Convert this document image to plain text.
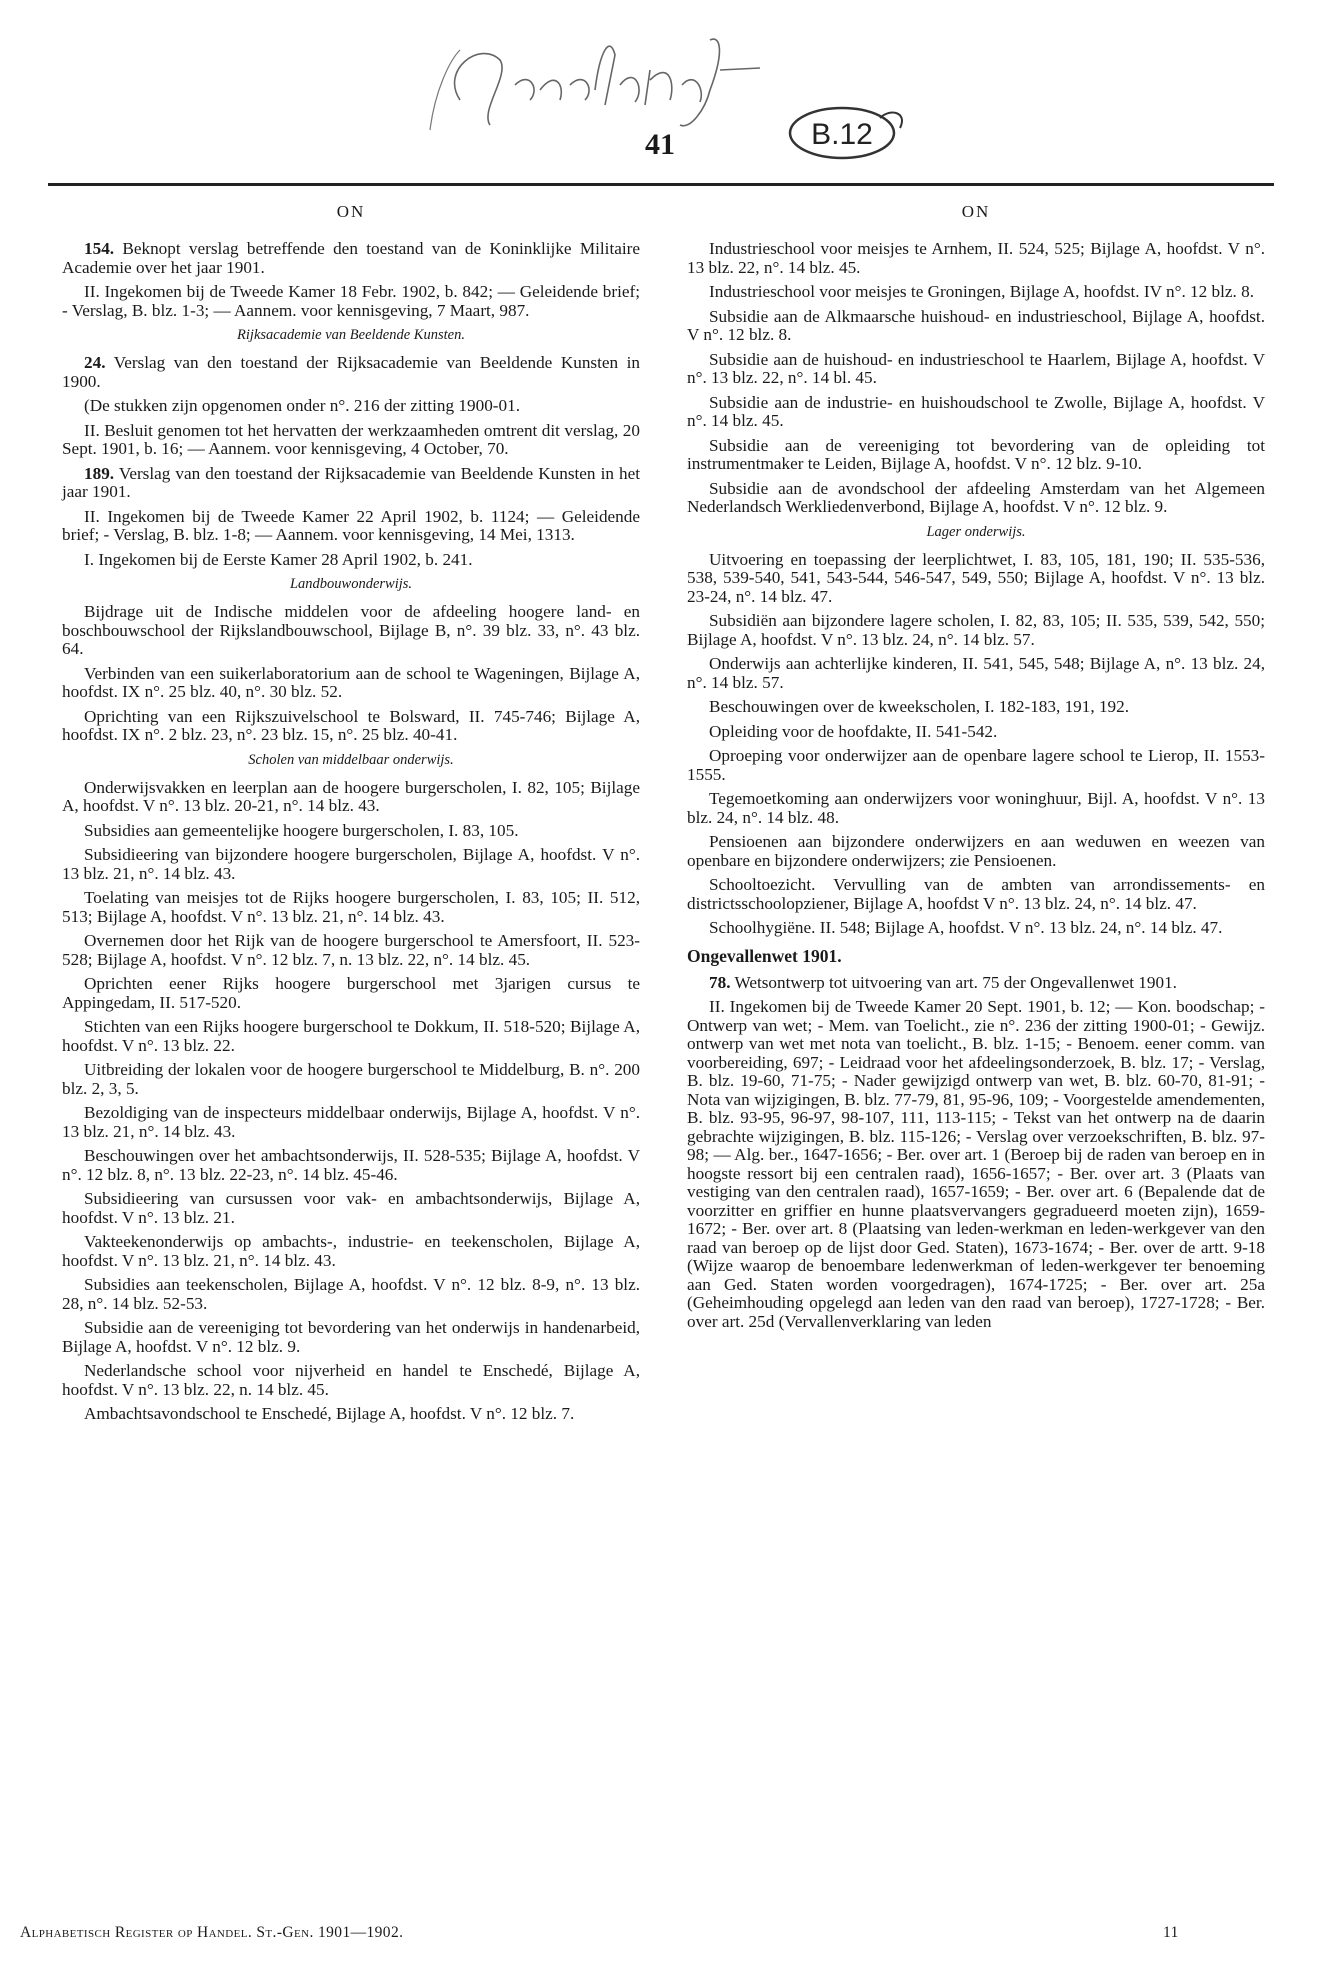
41	B.12
ON	ON
154. Beknopt verslag betreffende den toestand van de Koninklijke Militaire Academie over het jaar 1901.
II. Ingekomen bij de Tweede Kamer 18 Febr. 1902, b. 842; — Geleidende brief; - Verslag, B. blz. 1-3; — Aannem. voor kennisgeving, 7 Maart, 987.
Rijksacademie van Beeldende Kunsten.
24. Verslag van den toestand der Rijksacademie van Beeldende Kunsten in 1900.
(De stukken zijn opgenomen onder n°. 216 der zitting 1900-01.
II. Besluit genomen tot het hervatten der werkzaamheden omtrent dit verslag, 20 Sept. 1901, b. 16; — Aannem. voor kennisgeving, 4 October, 70.
189. Verslag van den toestand der Rijksacademie van Beeldende Kunsten in het jaar 1901.
II. Ingekomen bij de Tweede Kamer 22 April 1902, b. 1124; — Geleidende brief; - Verslag, B. blz. 1-8; — Aannem. voor kennisgeving, 14 Mei, 1313.
I. Ingekomen bij de Eerste Kamer 28 April 1902, b. 241.
Landbouwonderwijs.
Bijdrage uit de Indische middelen voor de afdeeling hoogere land- en boschbouwschool der Rijkslandbouwschool, Bijlage B, n°. 39 blz. 33, n°. 43 blz. 64.
Verbinden van een suikerlaboratorium aan de school te Wageningen, Bijlage A, hoofdst. IX n°. 25 blz. 40, n°. 30 blz. 52.
Oprichting van een Rijkszuivelschool te Bolsward, II. 745-746; Bijlage A, hoofdst. IX n°. 2 blz. 23, n°. 23 blz. 15, n°. 25 blz. 40-41.
Scholen van middelbaar onderwijs.
Onderwijsvakken en leerplan aan de hoogere burgerscholen, I. 82, 105; Bijlage A, hoofdst. V n°. 13 blz. 20-21, n°. 14 blz. 43.
Subsidies aan gemeentelijke hoogere burgerscholen, I. 83, 105.
Subsidieering van bijzondere hoogere burgerscholen, Bijlage A, hoofdst. V n°. 13 blz. 21, n°. 14 blz. 43.
Toelating van meisjes tot de Rijks hoogere burgerscholen, I. 83, 105; II. 512, 513; Bijlage A, hoofdst. V n°. 13 blz. 21, n°. 14 blz. 43.
Overnemen door het Rijk van de hoogere burgerschool te Amersfoort, II. 523-528; Bijlage A, hoofdst. V n°. 12 blz. 7, n. 13 blz. 22, n°. 14 blz. 45.
Oprichten eener Rijks hoogere burgerschool met 3jarigen cursus te Appingedam, II. 517-520.
Stichten van een Rijks hoogere burgerschool te Dokkum, II. 518-520; Bijlage A, hoofdst. V n°. 13 blz. 22.
Uitbreiding der lokalen voor de hoogere burgerschool te Middelburg, B. n°. 200 blz. 2, 3, 5.
Bezoldiging van de inspecteurs middelbaar onderwijs, Bijlage A, hoofdst. V n°. 13 blz. 21, n°. 14 blz. 43.
Beschouwingen over het ambachtsonderwijs, II. 528-535; Bijlage A, hoofdst. V n°. 12 blz. 8, n°. 13 blz. 22-23, n°. 14 blz. 45-46.
Subsidieering van cursussen voor vak- en ambachtsonderwijs, Bijlage A, hoofdst. V n°. 13 blz. 21.
Vakteekenonderwijs op ambachts-, industrie- en teekenscholen, Bijlage A, hoofdst. V n°. 13 blz. 21, n°. 14 blz. 43.
Subsidies aan teekenscholen, Bijlage A, hoofdst. V n°. 12 blz. 8-9, n°. 13 blz. 28, n°. 14 blz. 52-53.
Subsidie aan de vereeniging tot bevordering van het onderwijs in handenarbeid, Bijlage A, hoofdst. V n°. 12 blz. 9.
Nederlandsche school voor nijverheid en handel te Enschedé, Bijlage A, hoofdst. V n°. 13 blz. 22, n. 14 blz. 45.
Ambachtsavondschool te Enschedé, Bijlage A, hoofdst. V n°. 12 blz. 7.
Industrieschool voor meisjes te Arnhem, II. 524, 525; Bijlage A, hoofdst. V n°. 13 blz. 22, n°. 14 blz. 45.
Industrieschool voor meisjes te Groningen, Bijlage A, hoofdst. IV n°. 12 blz. 8.
Subsidie aan de Alkmaarsche huishoud- en industrieschool, Bijlage A, hoofdst. V n°. 12 blz. 8.
Subsidie aan de huishoud- en industrieschool te Haarlem, Bijlage A, hoofdst. V n°. 13 blz. 22, n°. 14 bl. 45.
Subsidie aan de industrie- en huishoudschool te Zwolle, Bijlage A, hoofdst. V n°. 14 blz. 45.
Subsidie aan de vereeniging tot bevordering van de opleiding tot instrumentmaker te Leiden, Bijlage A, hoofdst. V n°. 12 blz. 9-10.
Subsidie aan de avondschool der afdeeling Amsterdam van het Algemeen Nederlandsch Werkliedenverbond, Bijlage A, hoofdst. V n°. 12 blz. 9.
Lager onderwijs.
Uitvoering en toepassing der leerplichtwet, I. 83, 105, 181, 190; II. 535-536, 538, 539-540, 541, 543-544, 546-547, 549, 550; Bijlage A, hoofdst. V n°. 13 blz. 23-24, n°. 14 blz. 47.
Subsidiën aan bijzondere lagere scholen, I. 82, 83, 105; II. 535, 539, 542, 550; Bijlage A, hoofdst. V n°. 13 blz. 24, n°. 14 blz. 57.
Onderwijs aan achterlijke kinderen, II. 541, 545, 548; Bijlage A, n°. 13 blz. 24, n°. 14 blz. 57.
Beschouwingen over de kweekscholen, I. 182-183, 191, 192.
Opleiding voor de hoofdakte, II. 541-542.
Oproeping voor onderwijzer aan de openbare lagere school te Lierop, II. 1553-1555.
Tegemoetkoming aan onderwijzers voor woninghuur, Bijl. A, hoofdst. V n°. 13 blz. 24, n°. 14 blz. 48.
Pensioenen aan bijzondere onderwijzers en aan weduwen en weezen van openbare en bijzondere onderwijzers; zie Pensioenen.
Schooltoezicht. Vervulling van de ambten van arrondissements- en districtsschoolopziener, Bijlage A, hoofdst V n°. 13 blz. 24, n°. 14 blz. 47.
Schoolhygiëne. II. 548; Bijlage A, hoofdst. V n°. 13 blz. 24, n°. 14 blz. 47.
Ongevallenwet 1901.
78. Wetsontwerp tot uitvoering van art. 75 der Ongevallenwet 1901.
II. Ingekomen bij de Tweede Kamer 20 Sept. 1901, b. 12; — Kon. boodschap; - Ontwerp van wet; - Mem. van Toelicht., zie n°. 236 der zitting 1900-01; - Gewijz. ontwerp van wet met nota van toelicht., B. blz. 1-15; - Benoem. eener comm. van voorbereiding, 697; - Leidraad voor het afdeelingsonderzoek, B. blz. 17; - Verslag, B. blz. 19-60, 71-75; - Nader gewijzigd ontwerp van wet, B. blz. 60-70, 81-91; - Nota van wijzigingen, B. blz. 77-79, 81, 95-96, 109; - Voorgestelde amendementen, B. blz. 93-95, 96-97, 98-107, 111, 113-115; - Tekst van het ontwerp na de daarin gebrachte wijzigingen, B. blz. 115-126; - Verslag over verzoekschriften, B. blz. 97-98; — Alg. ber., 1647-1656; - Ber. over art. 1 (Beroep bij de raden van beroep en in hoogste ressort bij een centralen raad), 1656-1657; - Ber. over art. 3 (Plaats van vestiging van den centralen raad), 1657-1659; - Ber. over art. 6 (Bepalende dat de voorzitter en griffier en hunne plaatsvervangers gegradueerd moeten zijn), 1659-1672; - Ber. over art. 8 (Plaatsing van leden-werkman en leden-werkgever van den raad van beroep op de lijst door Ged. Staten), 1673-1674; - Ber. over de artt. 9-18 (Wijze waarop de benoembare ledenwerkman of leden-werkgever ter benoeming aan Ged. Staten worden voorgedragen), 1674-1725; - Ber. over art. 25a (Geheimhouding opgelegd aan leden van den raad van beroep), 1727-1728; - Ber. over art. 25d (Vervallenverklaring van leden
Alphabetisch Register op Handel. St.-Gen. 1901—1902.	11
